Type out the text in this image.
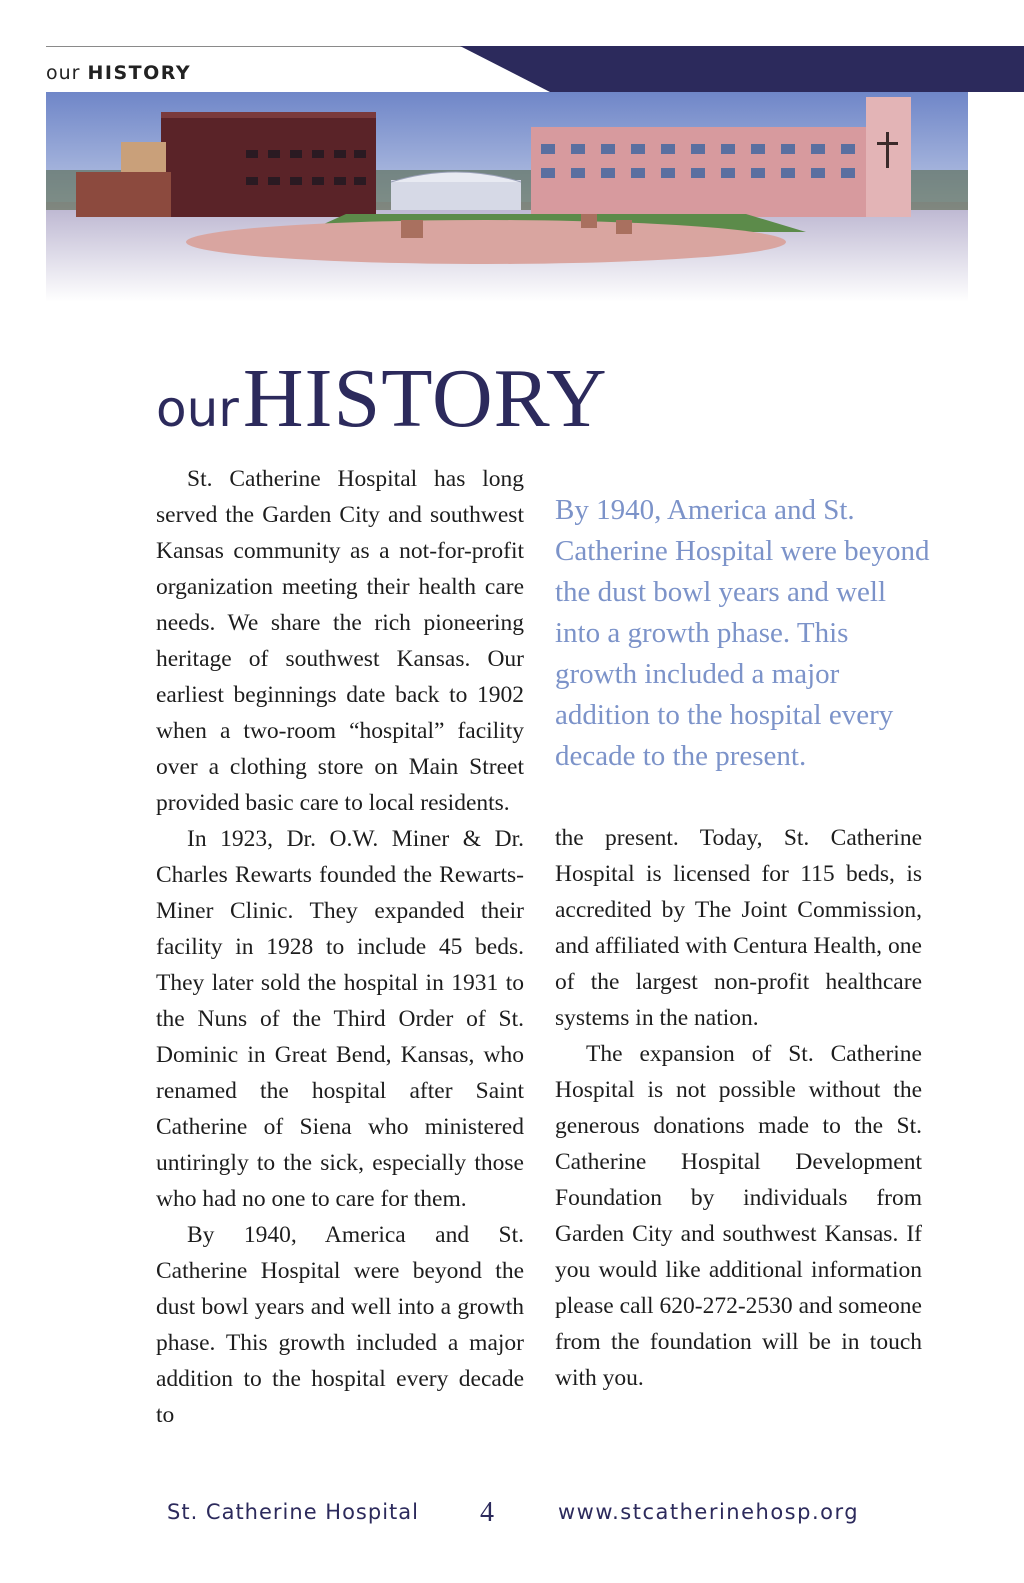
our HISTORY
our HISTORY

St. Catherine Hospital has long served the Garden City and southwest Kansas community as a not-for-profit organization meeting their health care needs. We share the rich pioneering heritage of southwest Kansas. Our earliest beginnings date back to 1902 when a two-room “hospital” facility over a clothing store on Main Street provided basic care to local residents.

In 1923, Dr. O.W. Miner & Dr. Charles Rewarts founded the Rewarts-Miner Clinic. They expanded their facility in 1928 to include 45 beds. They later sold the hospital in 1931 to the Nuns of the Third Order of St. Dominic in Great Bend, Kansas, who renamed the hospital after Saint Catherine of Siena who ministered untiringly to the sick, especially those who had no one to care for them.

By 1940, America and St. Catherine Hospital were beyond the dust bowl years and well into a growth phase. This growth included a major addition to the hospital every decade to

By 1940, America and St. Catherine Hospital were beyond the dust bowl years and well into a growth phase. This growth included a major addition to the hospital every decade to the present.

the present. Today, St. Catherine Hospital is licensed for 115 beds, is accredited by The Joint Commission, and affiliated with Centura Health, one of the largest non-profit healthcare systems in the nation.

The expansion of St. Catherine Hospital is not possible without the generous donations made to the St. Catherine Hospital Development Foundation by individuals from Garden City and southwest Kansas. If you would like additional information please call 620-272-2530 and someone from the foundation will be in touch with you.

St. Catherine Hospital 4	www.stcatherinehosp.org
